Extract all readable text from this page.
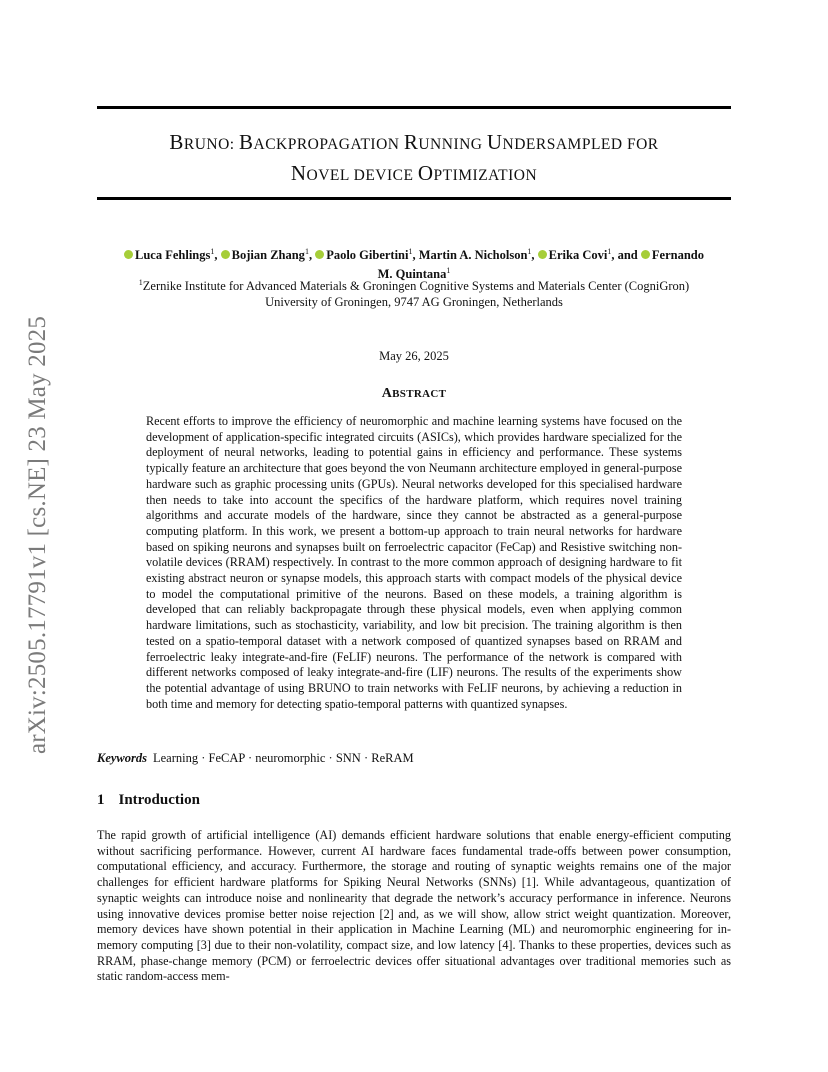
arXiv:2505.17791v1 [cs.NE] 23 May 2025
BRUNO: BACKPROPAGATION RUNNING UNDERSAMPLED FOR
NOVEL DEVICE OPTIMIZATION
Luca Fehlings$^1$, Bojian Zhang$^1$, Paolo Gibertini$^1$, Martin A. Nicholson$^1$, Erika Covi$^1$, and Fernando
M. Quintana$^1$
$^1$Zernike Institute for Advanced Materials & Groningen Cognitive Systems and Materials Center (CogniGron)
University of Groningen, 9747 AG Groningen, Netherlands
May 26, 2025
ABSTRACT
Recent efforts to improve the efficiency of neuromorphic and machine learning systems have focused on the development of application-specific integrated circuits (ASICs), which provides hardware specialized for the deployment of neural networks, leading to potential gains in efficiency and performance. These systems typically feature an architecture that goes beyond the von Neumann architecture employed in general-purpose hardware such as graphic processing units (GPUs). Neural networks developed for this specialised hardware then needs to take into account the specifics of the hardware platform, which requires novel training algorithms and accurate models of the hardware, since they cannot be abstracted as a general-purpose computing platform. In this work, we present a bottom-up approach to train neural networks for hardware based on spiking neurons and synapses built on ferroelectric capacitor (FeCap) and Resistive switching non-volatile devices (RRAM) respectively. In contrast to the more common approach of designing hardware to fit existing abstract neuron or synapse models, this approach starts with compact models of the physical device to model the computational primitive of the neurons. Based on these models, a training algorithm is developed that can reliably backpropagate through these physical models, even when applying common hardware limitations, such as stochasticity, variability, and low bit precision. The training algorithm is then tested on a spatio-temporal dataset with a network composed of quantized synapses based on RRAM and ferroelectric leaky integrate-and-fire (FeLIF) neurons. The performance of the network is compared with different networks composed of leaky integrate-and-fire (LIF) neurons. The results of the experiments show the potential advantage of using BRUNO to train networks with FeLIF neurons, by achieving a reduction in both time and memory for detecting spatio-temporal patterns with quantized synapses.
Keywords Learning · FeCAP · neuromorphic · SNN · ReRAM
1 Introduction
The rapid growth of artificial intelligence (AI) demands efficient hardware solutions that enable energy-efficient computing without sacrificing performance. However, current AI hardware faces fundamental trade-offs between power consumption, computational efficiency, and accuracy. Furthermore, the storage and routing of synaptic weights remains one of the major challenges for efficient hardware platforms for Spiking Neural Networks (SNNs) [1]. While advantageous, quantization of synaptic weights can introduce noise and nonlinearity that degrade the network’s accuracy performance in inference. Neurons using innovative devices promise better noise rejection [2] and, as we will show, allow strict weight quantization. Moreover, memory devices have shown potential in their application in Machine Learning (ML) and neuromorphic engineering for in-memory computing [3] due to their non-volatility, compact size, and low latency [4]. Thanks to these properties, devices such as RRAM, phase-change memory (PCM) or ferroelectric devices offer situational advantages over traditional memories such as static random-access mem-
